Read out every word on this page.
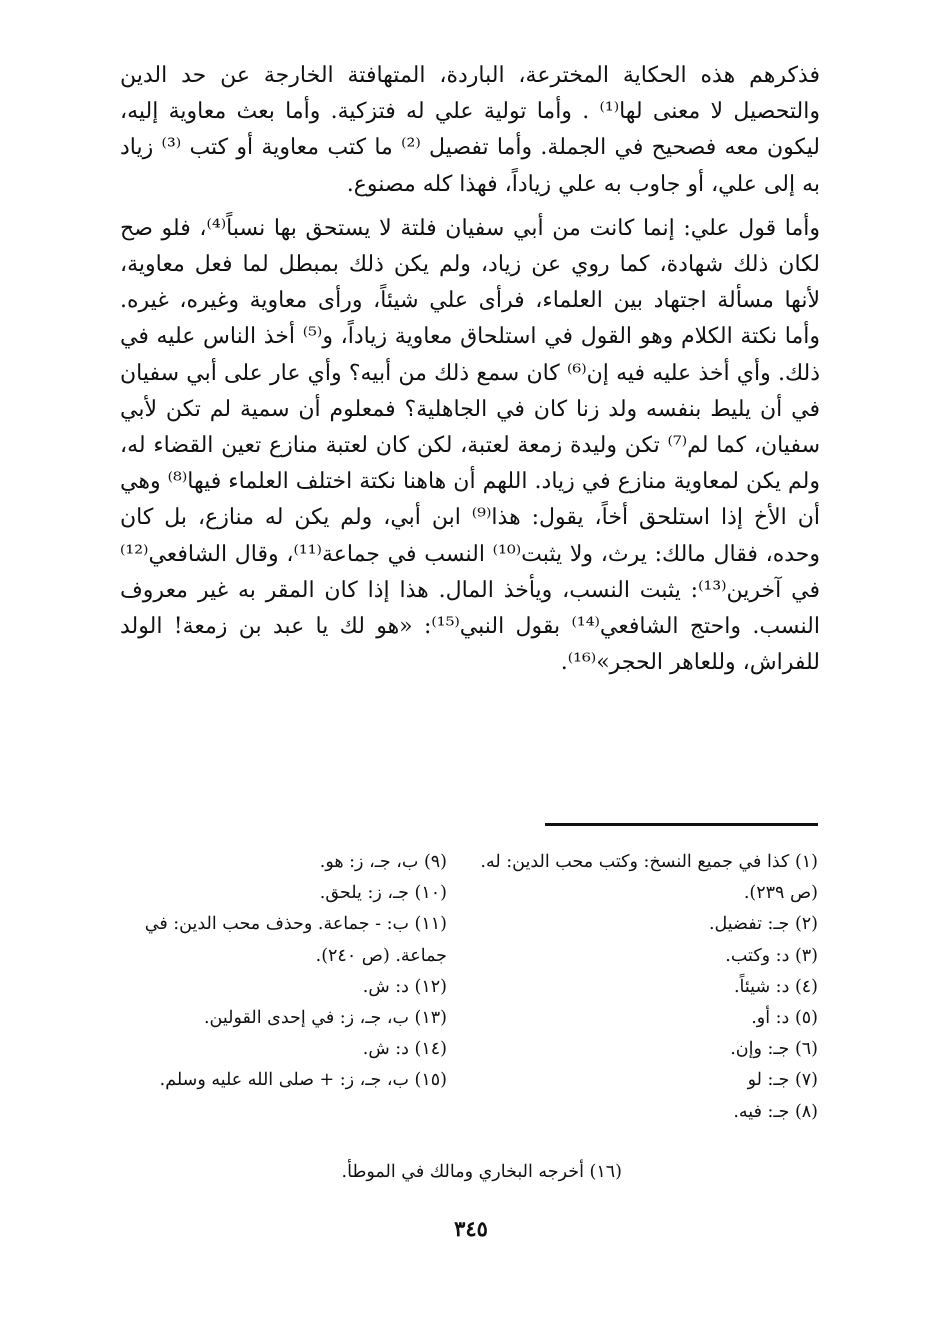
فذكرهم هذه الحكاية المخترعة، الباردة، المتهافتة الخارجة عن حد الدين والتحصيل لا معنى لها⁽¹⁾ . وأما تولية علي له فتزكية. وأما بعث معاوية إليه، ليكون معه فصحيح في الجملة. وأما تفصيل ⁽²⁾ ما كتب معاوية أو كتب ⁽³⁾ زياد به إلى علي، أو جاوب به علي زياداً، فهذا كله مصنوع.

وأما قول علي: إنما كانت من أبي سفيان فلتة لا يستحق بها نسباً⁽⁴⁾، فلو صح لكان ذلك شهادة، كما روي عن زياد، ولم يكن ذلك بمبطل لما فعل معاوية، لأنها مسألة اجتهاد بين العلماء، فرأى علي شيئاً، ورأى معاوية وغيره، غيره. وأما نكتة الكلام وهو القول في استلحاق معاوية زياداً، و⁽⁵⁾ أخذ الناس عليه في ذلك. وأي أخذ عليه فيه إن⁽⁶⁾ كان سمع ذلك من أبيه؟ وأي عار على أبي سفيان في أن يليط بنفسه ولد زنا كان في الجاهلية؟ فمعلوم أن سمية لم تكن لأبي سفيان، كما لم⁽⁷⁾ تكن وليدة زمعة لعتبة، لكن كان لعتبة منازع تعين القضاء له، ولم يكن لمعاوية منازع في زياد. اللهم أن هاهنا نكتة اختلف العلماء فيها⁽⁸⁾ وهي أن الأخ إذا استلحق أخاً، يقول: هذا⁽⁹⁾ ابن أبي، ولم يكن له منازع، بل كان وحده، فقال مالك: يرث، ولا يثبت⁽¹⁰⁾ النسب في جماعة⁽¹¹⁾، وقال الشافعي⁽¹²⁾ في آخرين⁽¹³⁾: يثبت النسب، ويأخذ المال. هذا إذا كان المقر به غير معروف النسب. واحتج الشافعي⁽¹⁴⁾ بقول النبي⁽¹⁵⁾: «هو لك يا عبد بن زمعة! الولد للفراش، وللعاهر الحجر»⁽¹⁶⁾.

(١) كذا في جميع النسخ: وكتب محب الدين: له. (ص ٢٣٩).

(٢) جـ: تفضيل.

(٣) د: وكتب.

(٤) د: شيئاً.

(٥) د: أو.

(٦) جـ: وإن.

(٧) جـ: لو

(٨) جـ: فيه.

(٩) ب، جـ، ز: هو.

(١٠) جـ، ز: يلحق.

(١١) ب: - جماعة. وحذف محب الدين: في جماعة. (ص ٢٤٠).

(١٢) د: ش.

(١٣) ب، جـ، ز: في إحدى القولين.

(١٤) د: ش.

(١٥) ب، جـ، ز: + صلى الله عليه وسلم.

(١٦) أخرجه البخاري ومالك في الموطأ.
٣٤٥
